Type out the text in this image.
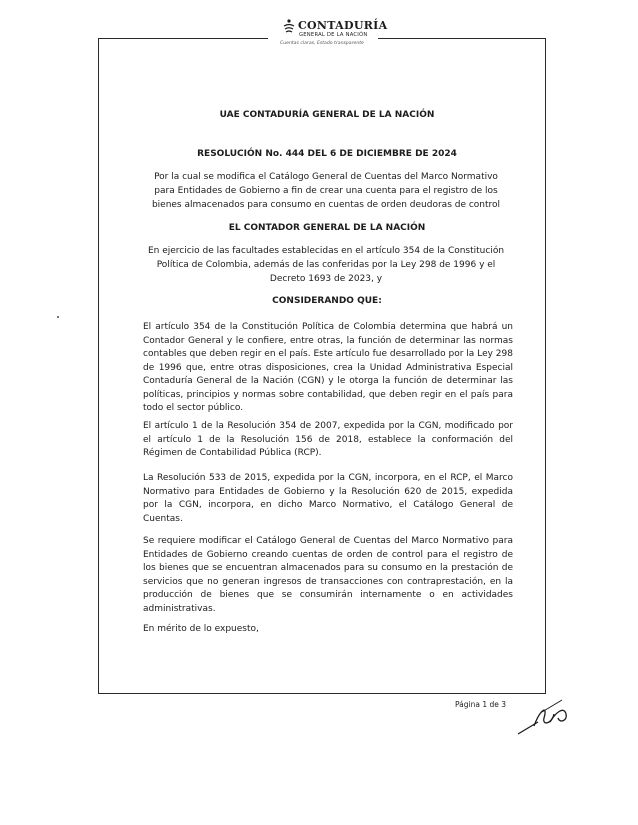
CONTADURÍA
GENERAL DE LA NACIÓN
Cuentas claras, Estado transparente

UAE CONTADURÍA GENERAL DE LA NACIÓN

RESOLUCIÓN No. 444 DEL 6 DE DICIEMBRE DE 2024

Por la cual se modifica el Catálogo General de Cuentas del Marco Normativo para Entidades de Gobierno a fin de crear una cuenta para el registro de los bienes almacenados para consumo en cuentas de orden deudoras de control

EL CONTADOR GENERAL DE LA NACIÓN

En ejercicio de las facultades establecidas en el artículo 354 de la Constitución Política de Colombia, además de las conferidas por la Ley 298 de 1996 y el Decreto 1693 de 2023, y

CONSIDERANDO QUE:

El artículo 354 de la Constitución Política de Colombia determina que habrá un Contador General y le confiere, entre otras, la función de determinar las normas contables que deben regir en el país. Este artículo fue desarrollado por la Ley 298 de 1996 que, entre otras disposiciones, crea la Unidad Administrativa Especial Contaduría General de la Nación (CGN) y le otorga la función de determinar las políticas, principios y normas sobre contabilidad, que deben regir en el país para todo el sector público.

El artículo 1 de la Resolución 354 de 2007, expedida por la CGN, modificado por el artículo 1 de la Resolución 156 de 2018, establece la conformación del Régimen de Contabilidad Pública (RCP).

La Resolución 533 de 2015, expedida por la CGN, incorpora, en el RCP, el Marco Normativo para Entidades de Gobierno y la Resolución 620 de 2015, expedida por la CGN, incorpora, en dicho Marco Normativo, el Catálogo General de Cuentas.

Se requiere modificar el Catálogo General de Cuentas del Marco Normativo para Entidades de Gobierno creando cuentas de orden de control para el registro de los bienes que se encuentran almacenados para su consumo en la prestación de servicios que no generan ingresos de transacciones con contraprestación, en la producción de bienes que se consumirán internamente o en actividades administrativas.

En mérito de lo expuesto,

Página 1 de 3
